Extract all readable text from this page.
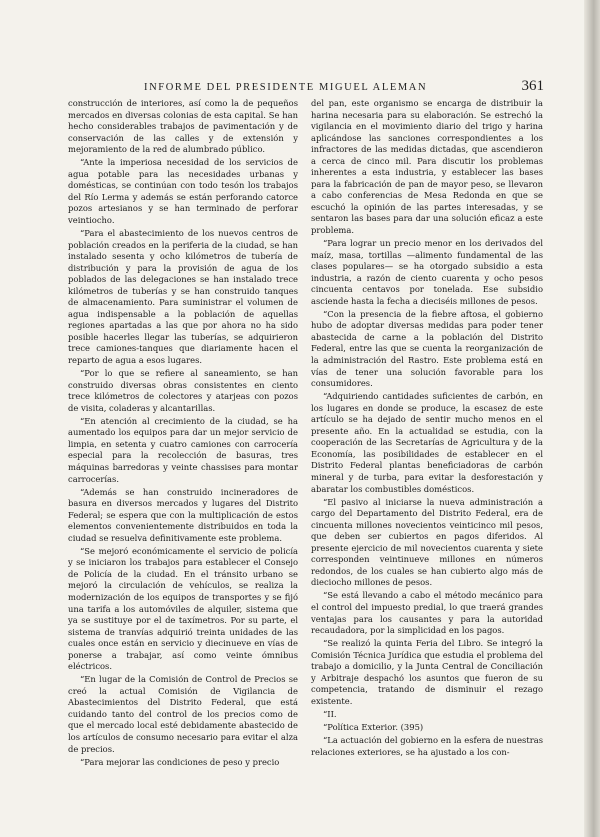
INFORME DEL PRESIDENTE MIGUEL ALEMAN	361

construcción de interiores, así como la de pequeños mercados en diversas colonias de esta capital. Se han hecho considerables trabajos de pavimentación y de conservación de las calles y de extensión y mejoramiento de la red de alumbrado público.

“Ante la imperiosa necesidad de los servicios de agua potable para las necesidades urbanas y domésticas, se continúan con todo tesón los trabajos del Río Lerma y además se están perforando catorce pozos artesianos y se han terminado de perforar veintiocho.

“Para el abastecimiento de los nuevos centros de población creados en la periferia de la ciudad, se han instalado sesenta y ocho kilómetros de tubería de distribución y para la provisión de agua de los poblados de las delegaciones se han instalado trece kilómetros de tuberías y se han construido tanques de almacenamiento. Para suministrar el volumen de agua indispensable a la población de aquellas regiones apartadas a las que por ahora no ha sido posible hacerles llegar las tuberías, se adquirieron trece camiones-tanques que diariamente hacen el reparto de agua a esos lugares.

“Por lo que se refiere al saneamiento, se han construido diversas obras consistentes en ciento trece kilómetros de colectores y atarjeas con pozos de visita, coladeras y alcantarillas.

“En atención al crecimiento de la ciudad, se ha aumentado los equipos para dar un mejor servicio de limpia, en setenta y cuatro camiones con carrocería especial para la recolección de basuras, tres máquinas barredoras y veinte chassises para montar carrocerías.

“Además se han construido incineradores de basura en diversos mercados y lugares del Distrito Federal; se espera que con la multiplicación de estos elementos convenientemente distribuidos en toda la ciudad se resuelva definitivamente este problema.

“Se mejoró económicamente el servicio de policía y se iniciaron los trabajos para establecer el Consejo de Policía de la ciudad. En el tránsito urbano se mejoró la circulación de vehículos, se realiza la modernización de los equipos de transportes y se fijó una tarifa a los automóviles de alquiler, sistema que ya se sustituye por el de taxímetros. Por su parte, el sistema de tranvías adquirió treinta unidades de las cuales once están en servicio y diecinueve en vías de ponerse a trabajar, así como veinte ómnibus eléctricos.

“En lugar de la Comisión de Control de Precios se creó la actual Comisión de Vigilancia de Abastecimientos del Distrito Federal, que está cuidando tanto del control de los precios como de que el mercado local esté debidamente abastecido de los artículos de consumo necesario para evitar el alza de precios.

“Para mejorar las condiciones de peso y precio

del pan, este organismo se encarga de distribuir la harina necesaria para su elaboración. Se estrechó la vigilancia en el movimiento diario del trigo y harina aplicándose las sanciones correspondientes a los infractores de las medidas dictadas, que ascendieron a cerca de cinco mil. Para discutir los problemas inherentes a esta industria, y establecer las bases para la fabricación de pan de mayor peso, se llevaron a cabo conferencias de Mesa Redonda en que se escuchó la opinión de las partes interesadas, y se sentaron las bases para dar una solución eficaz a este problema.

“Para lograr un precio menor en los derivados del maíz, masa, tortillas —alimento fundamental de las clases populares— se ha otorgado subsidio a esta industria, a razón de ciento cuarenta y ocho pesos cincuenta centavos por tonelada. Ese subsidio asciende hasta la fecha a dieciséis millones de pesos.

“Con la presencia de la fiebre aftosa, el gobierno hubo de adoptar diversas medidas para poder tener abastecida de carne a la población del Distrito Federal, entre las que se cuenta la reorganización de la administración del Rastro. Este problema está en vías de tener una solución favorable para los consumidores.

“Adquiriendo cantidades suficientes de carbón, en los lugares en donde se produce, la escasez de este artículo se ha dejado de sentir mucho menos en el presente año. En la actualidad se estudia, con la cooperación de las Secretarías de Agricultura y de la Economía, las posibilidades de establecer en el Distrito Federal plantas beneficiadoras de carbón mineral y de turba, para evitar la desforestación y abaratar los combustibles domésticos.

“El pasivo al iniciarse la nueva administración a cargo del Departamento del Distrito Federal, era de cincuenta millones novecientos veinticinco mil pesos, que deben ser cubiertos en pagos diferidos. Al presente ejercicio de mil novecientos cuarenta y siete corresponden veintinueve millones en números redondos, de los cuales se han cubierto algo más de dieciocho millones de pesos.

“Se está llevando a cabo el método mecánico para el control del impuesto predial, lo que traerá grandes ventajas para los causantes y para la autoridad recaudadora, por la simplicidad en los pagos.

“Se realizó la quinta Feria del Libro. Se integró la Comisión Técnica Jurídica que estudia el problema del trabajo a domicilio, y la Junta Central de Conciliación y Arbitraje despachó los asuntos que fueron de su competencia, tratando de disminuir el rezago existente.

“II.

“Política Exterior. (395)

“La actuación del gobierno en la esfera de nuestras relaciones exteriores, se ha ajustado a los con-
